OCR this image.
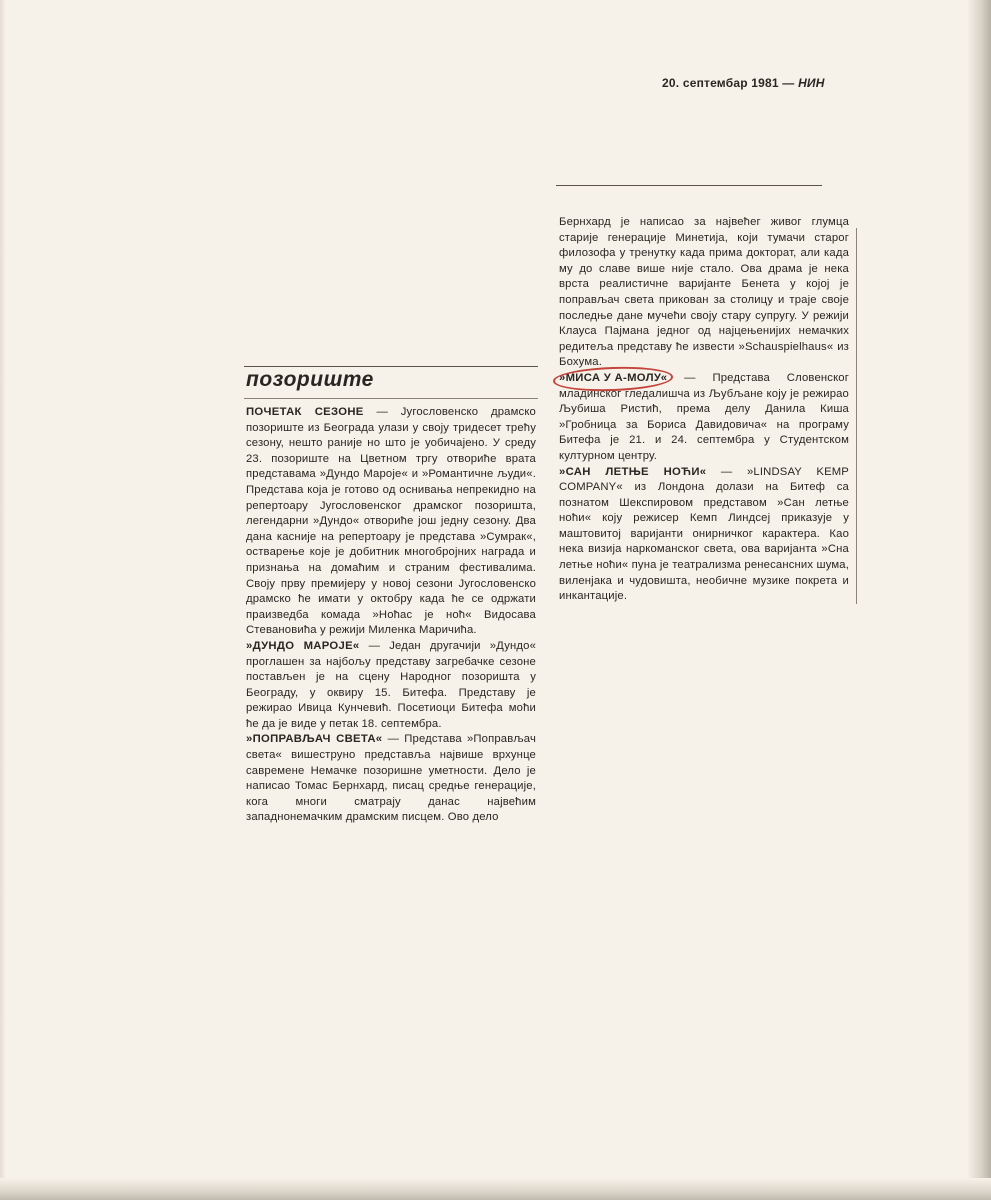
20. септембар 1981 — НИН
позориште

ПОЧЕТАК СЕЗОНЕ — Југословенско драмско позориште из Београда улази у своју тридесет трећу сезону, нешто раније но што је уобичајено. У среду 23. позориште на Цветном тргу отвориће врата представама »Дундо Мароје« и »Романтичне људи«. Представа која је готово од оснивања непрекидно на репертоару Југословенског драмског позоришта, легендарни »Дундо« отвориће још једну сезону. Два дана касније на репертоару је представа »Сумрак«, остварење које је добитник многобројних награда и признања на домаћим и страним фестивалима. Своју прву премијеру у новој сезони Југословенско драмско ће имати у октобру када ће се одржати праизведба комада »Ноћас је ноћ« Видосава Стевановића у режији Миленка Маричића.

»ДУНДО МАРОЈЕ« — Један другачији »Дундо« проглашен за најбољу представу загребачке сезоне постављен је на сцену Народног позоришта у Београду, у оквиру 15. Битефа. Представу је режирао Ивица Кунчевић. Посетиоци Битефа моћи ће да је виде у петак 18. септембра.

»ПОПРАВЉАЧ СВЕТА« — Представа »Поправљач света« вишеструно представља највише врхунце савремене Немачке позоришне уметности. Дело је написао Томас Бернхард, писац средње генерације, кога многи сматрају данас највећим западнонемачким драмским писцем. Ово дело

Бернхард је написао за највећег живог глумца старије генерације Минетија, који тумачи старог филозофа у тренутку када прима докторат, али када му до славе више није стало. Ова драма је нека врста реалистичне варијанте Бенета у којој је поправљач света прикован за столицу и траје своје последње дане мучећи своју стару супругу. У режији Клауса Пајмана једног од најцењенијих немачких редитеља представу ће извести »Schauspielhaus« из Бохума.

»МИСА У А-МОЛУ« — Представа Словенског младинског гледалишча из Љубљане коју је режирао Љубиша Ристић, према делу Данила Киша »Гробница за Бориса Давидовича« на програму Битефа је 21. и 24. септембра у Студентском културном центру.

»САН ЛЕТЊЕ НОЋИ« — »LINDSAY KEMP COMPANY« из Лондона долази на Битеф са познатом Шекспировом представом »Сан летње ноћи« коју режисер Кемп Линдсеј приказује у маштовитој варијанти онирничког карактера. Као нека визија наркоманског света, ова варијанта »Сна летње ноћи« пуна је театрализма ренесансних шума, виленјака и чудовишта, необичне музике покрета и инкантације.
